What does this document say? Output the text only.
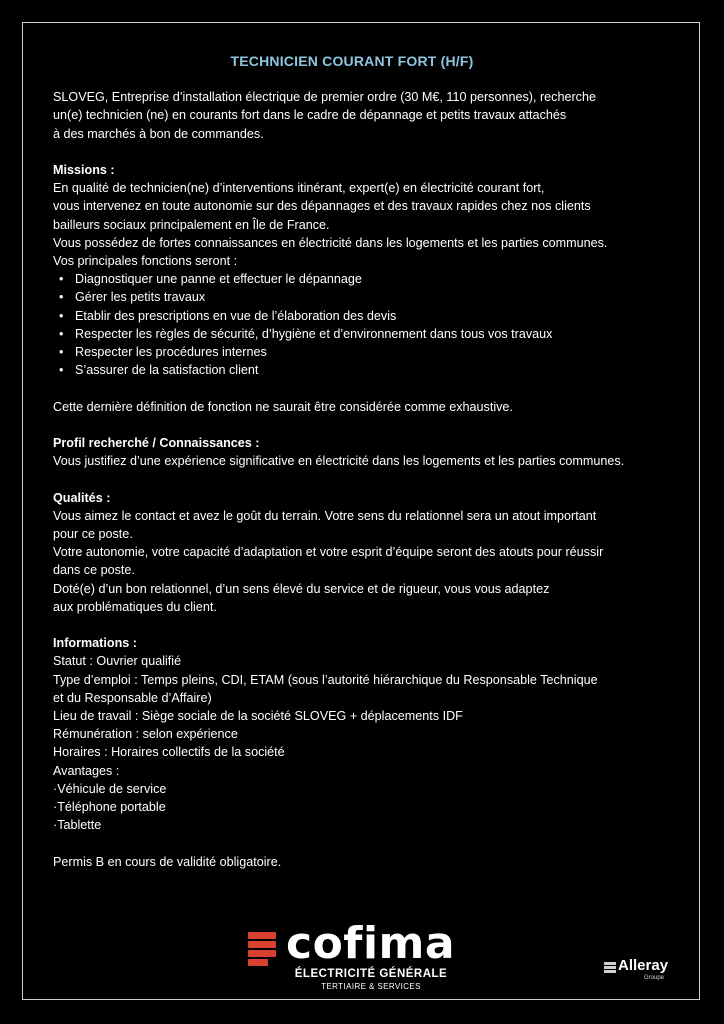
TECHNICIEN COURANT FORT (H/F)
SLOVEG, Entreprise d’installation électrique de premier ordre (30 M€, 110 personnes), recherche
un(e) technicien (ne) en courants fort dans le cadre de dépannage et petits travaux attachés
à des marchés à bon de commandes.
Missions :
En qualité de technicien(ne) d’interventions itinérant, expert(e) en électricité courant fort,
vous intervenez en toute autonomie sur des dépannages et des travaux rapides chez nos clients
bailleurs sociaux principalement en Île de France.
Vous possédez de fortes connaissances en électricité dans les logements et les parties communes.
Vos principales fonctions seront :
• Diagnostiquer une panne et effectuer le dépannage
• Gérer les petits travaux
• Etablir des prescriptions en vue de l’élaboration des devis
• Respecter les règles de sécurité, d’hygiène et d’environnement dans tous vos travaux
• Respecter les procédures internes
• S’assurer de la satisfaction client
Cette dernière définition de fonction ne saurait être considérée comme exhaustive.
Profil recherché / Connaissances :
Vous justifiez d’une expérience significative en électricité dans les logements et les parties communes.
Qualités :
Vous aimez le contact et avez le goût du terrain. Votre sens du relationnel sera un atout important
pour ce poste.
Votre autonomie, votre capacité d’adaptation et votre esprit d’équipe seront des atouts pour réussir
dans ce poste.
Doté(e) d’un bon relationnel, d’un sens élevé du service et de rigueur, vous vous adaptez
aux problématiques du client.
Informations :
Statut : Ouvrier qualifié
Type d’emploi : Temps pleins, CDI, ETAM (sous l’autorité hiérarchique du Responsable Technique
et du Responsable d’Affaire)
Lieu de travail : Siège sociale de la société SLOVEG + déplacements IDF
Rémunération : selon expérience
Horaires : Horaires collectifs de la société
Avantages :
·Véhicule de service
·Téléphone portable
·Tablette
Permis B en cours de validité obligatoire.
cofima
ÉLECTRICITÉ GÉNÉRALE
TERTIAIRE & SERVICES
Alleray
Groupe
